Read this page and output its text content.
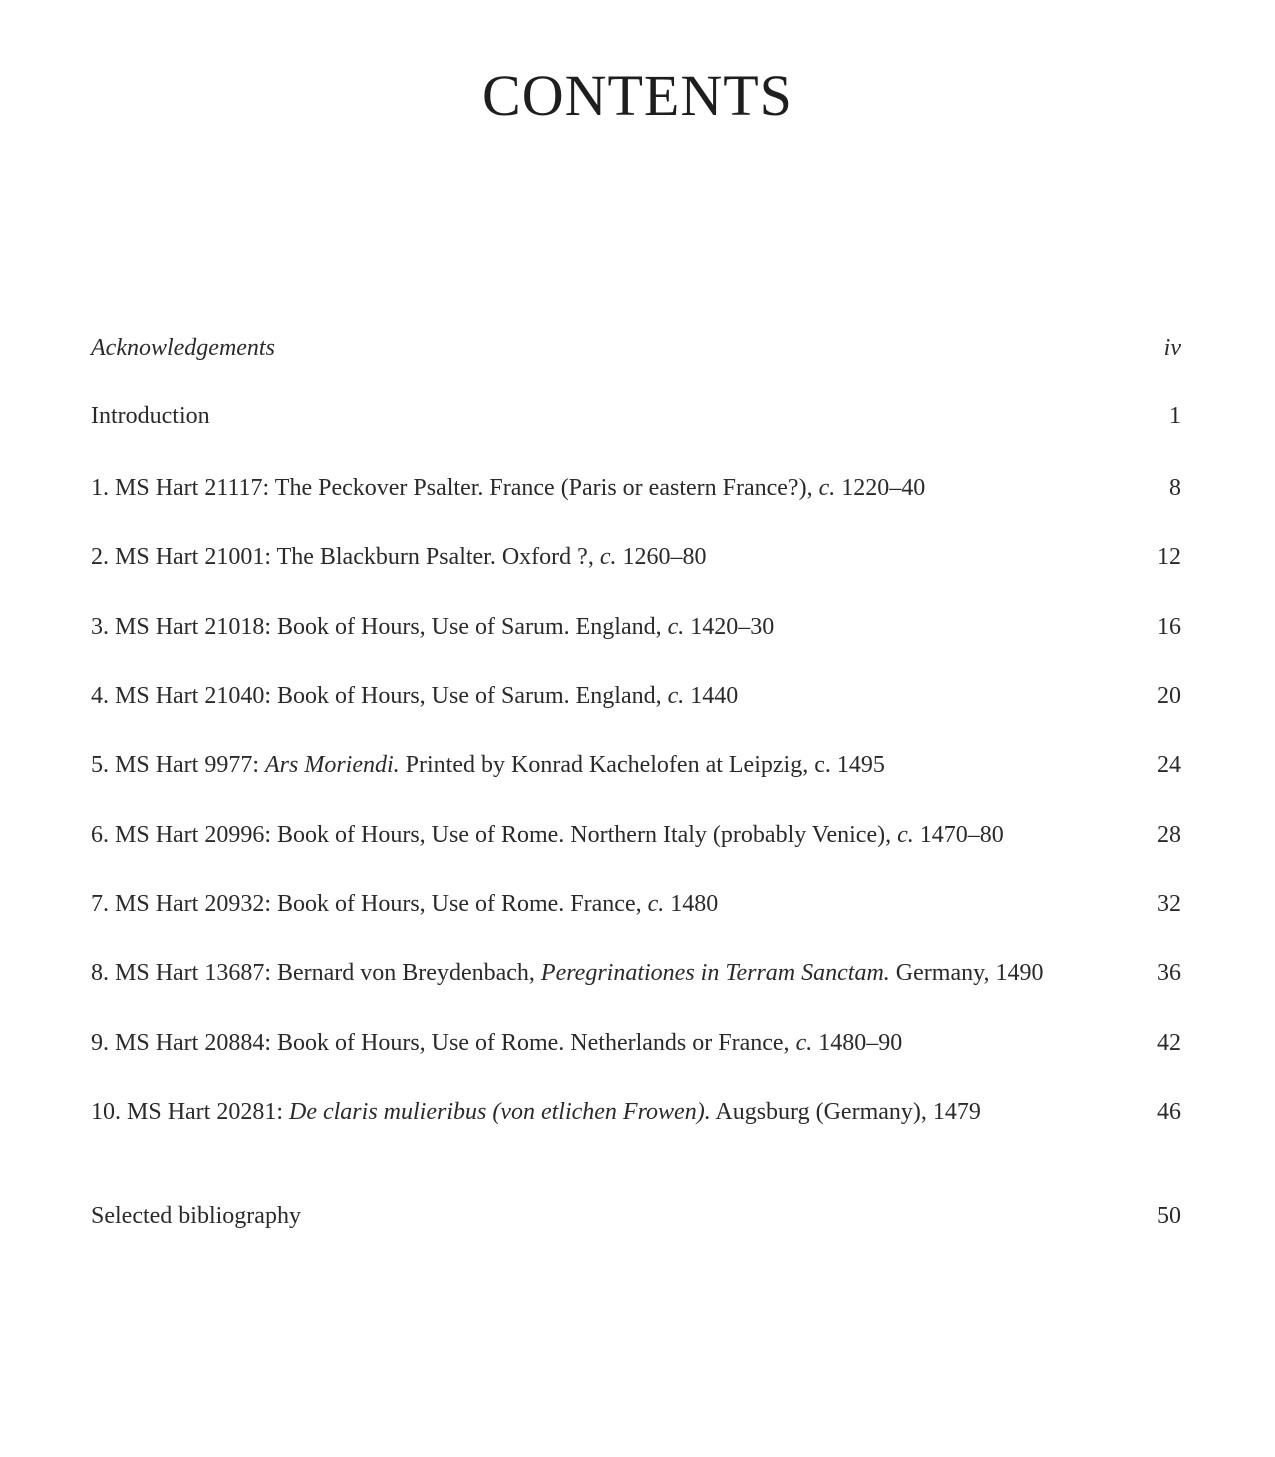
CONTENTS
Acknowledgements	iv
Introduction	1
1. MS Hart 21117: The Peckover Psalter. France (Paris or eastern France?), c. 1220–40	8
2. MS Hart 21001: The Blackburn Psalter. Oxford ?, c. 1260–80	12
3. MS Hart 21018: Book of Hours, Use of Sarum. England, c. 1420–30	16
4. MS Hart 21040: Book of Hours, Use of Sarum. England, c. 1440	20
5. MS Hart 9977: Ars Moriendi. Printed by Konrad Kachelofen at Leipzig, c. 1495	24
6. MS Hart 20996: Book of Hours, Use of Rome. Northern Italy (probably Venice), c. 1470–80	28
7. MS Hart 20932: Book of Hours, Use of Rome. France, c. 1480	32
8. MS Hart 13687: Bernard von Breydenbach, Peregrinationes in Terram Sanctam. Germany, 1490	36
9. MS Hart 20884: Book of Hours, Use of Rome. Netherlands or France, c. 1480–90	42
10. MS Hart 20281: De claris mulieribus (von etlichen Frowen). Augsburg (Germany), 1479	46
Selected bibliography	50
